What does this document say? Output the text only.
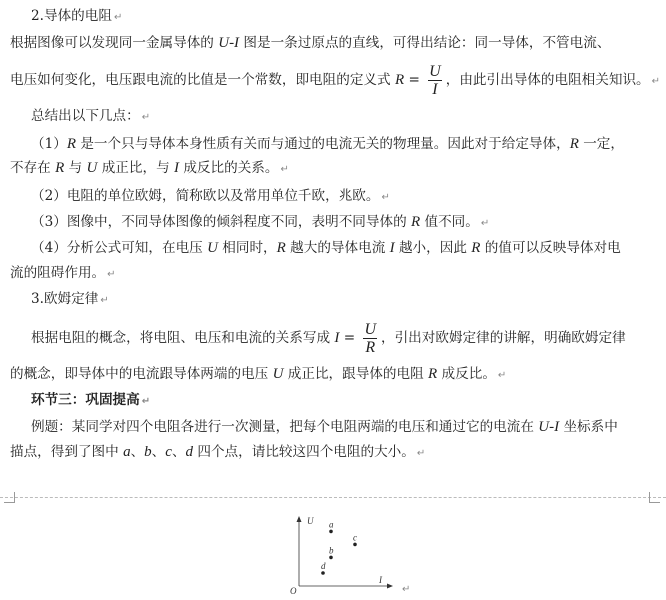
2.导体的电阻 ↵
根据图像可以发现同一金属导体的 U-I 图是一条过原点的直线，可得出结论：同一导体，不管电流、
电压如何变化，电压跟电流的比值是一个常数，即电阻的定义式 $R = \frac{U}{I}$ ，由此引出导体的电阻相关知识。 ↵
总结出以下几点： ↵
（1）R 是一个只与导体本身性质有关而与通过的电流无关的物理量。因此对于给定导体，R 一定，
不存在 R 与 U 成正比，与 I 成反比的关系。 ↵
（2）电阻的单位欧姆，简称欧以及常用单位千欧，兆欧。 ↵
（3）图像中，不同导体图像的倾斜程度不同，表明不同导体的 R 值不同。 ↵
（4）分析公式可知，在电压 U 相同时，R 越大的导体电流 I 越小，因此 R 的值可以反映导体对电
流的阻碍作用。 ↵
3.欧姆定律 ↵
根据电阻的概念，将电阻、电压和电流的关系写成 $I = \frac{U}{R}$ ，引出对欧姆定律的讲解，明确欧姆定律
的概念，即导体中的电流跟导体两端的电压 U 成正比，跟导体的电阻 R 成反比。 ↵
环节三：巩固提高 ↵
例题：某同学对四个电阻各进行一次测量，把每个电阻两端的电压和通过它的电流在 U-I 坐标系中
描点，得到了图中 a、b、c、d 四个点，请比较这四个电阻的大小。 ↵
U
I
O
a
b
c
d
↵
